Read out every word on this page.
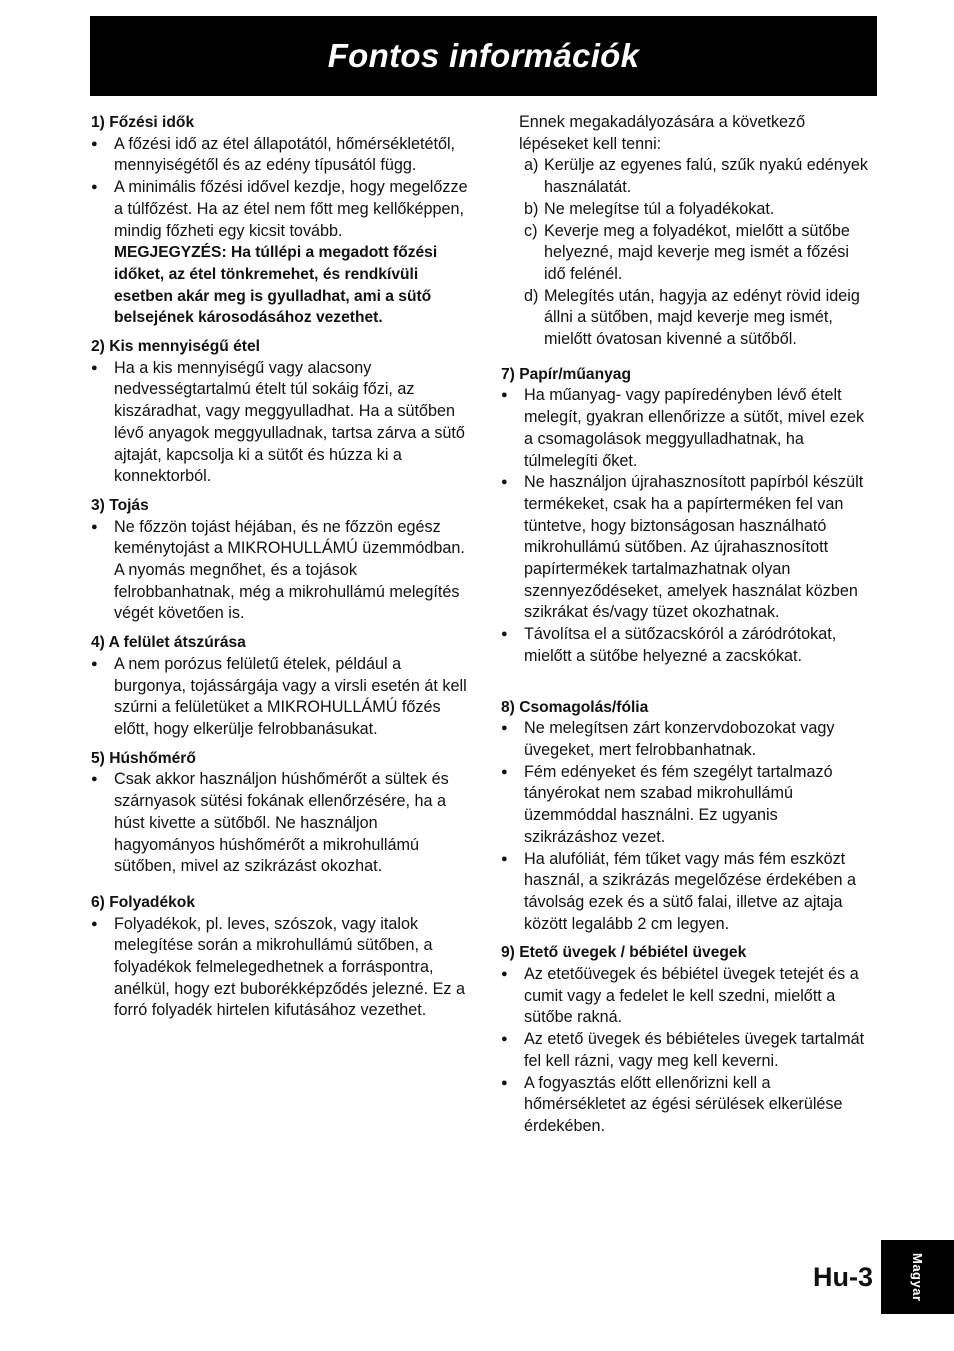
Fontos információk

1) Főzési idők

● A főzési idő az étel állapotától, hőmérsékletétől, mennyiségétől és az edény típusától függ.
● A minimális főzési idővel kezdje, hogy megelőzze a túlfőzést. Ha az étel nem főtt meg kellőképpen, mindig főzheti egy kicsit tovább.
MEGJEGYZÉS: Ha túllépi a megadott főzési időket, az étel tönkremehet, és rendkívüli esetben akár meg is gyulladhat, ami a sütő belsejének károsodásához vezethet.

2) Kis mennyiségű étel

● Ha a kis mennyiségű vagy alacsony nedvességtartalmú ételt túl sokáig főzi, az kiszáradhat, vagy meggyulladhat. Ha a sütőben lévő anyagok meggyulladnak, tartsa zárva a sütő ajtaját, kapcsolja ki a sütőt és húzza ki a konnektorból.

3) Tojás

● Ne főzzön tojást héjában, és ne főzzön egész keménytojást a MIKROHULLÁMÚ üzemmódban. A nyomás megnőhet, és a tojások felrobbanhatnak, még a mikrohullámú melegítés végét követően is.

4) A felület átszúrása

● A nem porózus felületű ételek, például a burgonya, tojássárgája vagy a virsli esetén át kell szúrni a felületüket a MIKROHULLÁMÚ főzés előtt, hogy elkerülje felrobbanásukat.

5) Húshőmérő

● Csak akkor használjon húshőmérőt a sültek és szárnyasok sütési fokának ellenőrzésére, ha a húst kivette a sütőből. Ne használjon hagyományos húshőmérőt a mikrohullámú sütőben, mivel az szikrázást okozhat.

6) Folyadékok

● Folyadékok, pl. leves, szószok, vagy italok melegítése során a mikrohullámú sütőben, a folyadékok felmelegedhetnek a forráspontra, anélkül, hogy ezt buborékképződés jelezné. Ez a forró folyadék hirtelen kifutásához vezethet.
Ennek megakadályozására a következő lépéseket kell tenni:
a) Kerülje az egyenes falú, szűk nyakú edények használatát.
b) Ne melegítse túl a folyadékokat.
c) Keverje meg a folyadékot, mielőtt a sütőbe helyezné, majd keverje meg ismét a főzési idő felénél.
d) Melegítés után, hagyja az edényt rövid ideig állni a sütőben, majd keverje meg ismét, mielőtt óvatosan kivenné a sütőből.

7) Papír/műanyag

● Ha műanyag- vagy papíredényben lévő ételt melegít, gyakran ellenőrizze a sütőt, mivel ezek a csomagolások meggyulladhatnak, ha túlmelegíti őket.
● Ne használjon újrahasznosított papírból készült termékeket, csak ha a papírterméken fel van tüntetve, hogy biztonságosan használható mikrohullámú sütőben. Az újrahasznosított papírtermékek tartalmazhatnak olyan szennyeződéseket, amelyek használat közben szikrákat és/vagy tüzet okozhatnak.
● Távolítsa el a sütőzacskóról a záródrótokat, mielőtt a sütőbe helyezné a zacskókat.

8) Csomagolás/fólia

● Ne melegítsen zárt konzervdobozokat vagy üvegeket, mert felrobbanhatnak.
● Fém edényeket és fém szegélyt tartalmazó tányérokat nem szabad mikrohullámú üzemmóddal használni. Ez ugyanis szikrázáshoz vezet.
● Ha alufóliát, fém tűket vagy más fém eszközt használ, a szikrázás megelőzése érdekében a távolság ezek és a sütő falai, illetve az ajtaja között legalább 2 cm legyen.

9) Etető üvegek / bébiétel üvegek

● Az etetőüvegek és bébiétel üvegek tetejét és a cumit vagy a fedelet le kell szedni, mielőtt a sütőbe rakná.
● Az etető üvegek és bébiételes üvegek tartalmát fel kell rázni, vagy meg kell keverni.
● A fogyasztás előtt ellenőrizni kell a hőmérsékletet az égési sérülések elkerülése érdekében.
Hu-3	Magyar
